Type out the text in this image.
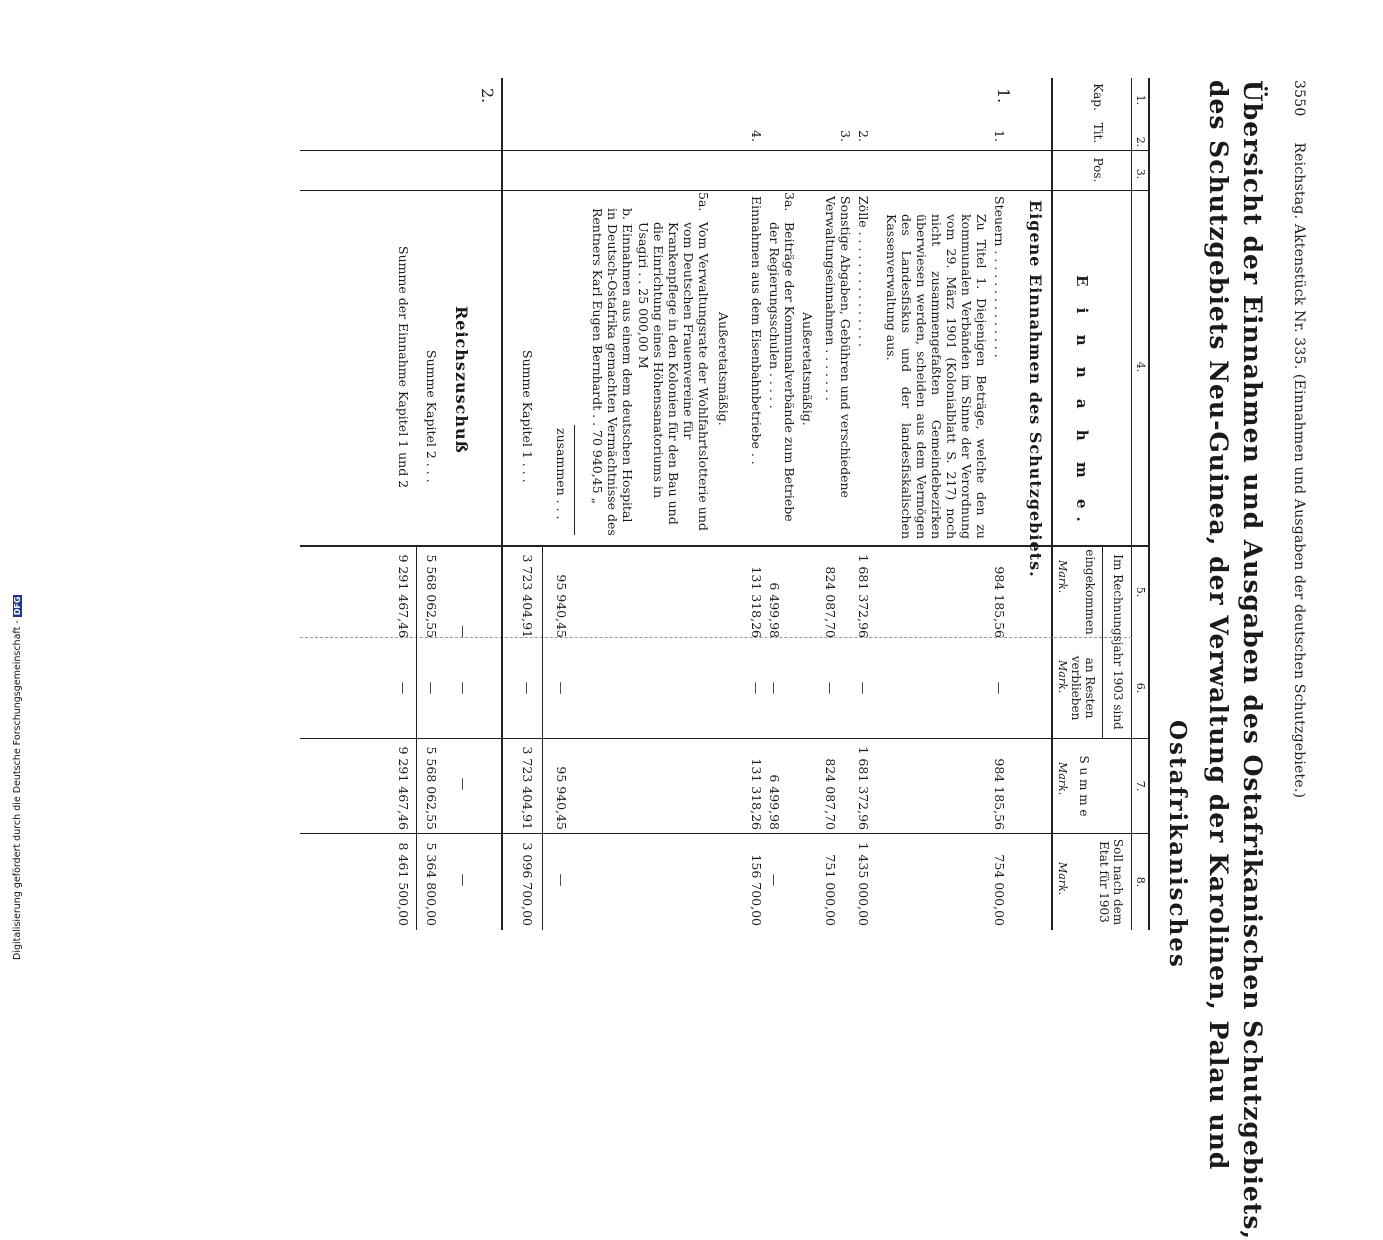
Digitalisierung gefördert durch die Deutsche Forschungsgemeinschaft -DFG
3550Reichstag. Aktenstück Nr. 335. (Einnahmen und Ausgaben der deutschen Schutzgebiete.)
Übersicht der Einnahmen und Ausgaben des Ostafrikanischen Schutzgebiets,
des Schutzgebiets Neu-Guinea, der Verwaltung der Karolinen, Palau und
Ostafrikanisches
1.
2.
3.
4.
5.
6.
7.
8.
Kap.
Tit.
Pos.
E i n n a h m e.
Im Rechnungsjahr 1903 sind
eingekommen
an Resten verblieben
S u m m e
Soll nach dem Etat für 1903
Mark.
Mark.
Mark.
Mark.
1.
Eigene Einnahmen des Schutzgebiets.
1.
Steuern . . . . . . . . . . . . . .
Zu Titel 1. Diejenigen Beträge, welche den zu kommunalen Verbänden im Sinne der Verordnung vom 29. März 1901 (Kolonialblatt S. 217) noch nicht zusammengefaßten Gemeindebezirken überwiesen werden, scheiden aus dem Vermögen des Landesfiskus und der landesfiskalischen Kassenverwaltung aus.
984 185,56
—
984 185,56
754 000,00
2.
Zölle . . . . . . . . . . . . . . .
1 681 372,96
—
1 681 372,96
1 435 000,00
3.
Sonstige Abgaben, Gebühren und verschiedene Verwaltungseinnahmen . . . . . . .
824 087,70
—
824 087,70
751 000,00
Außeretatsmäßig.
3a.
Beiträge der Kommunalverbände zum Betriebe der Regierungsschulen . . . . .
6 499,98
—
6 499,98
—
4.
Einnahmen aus dem Eisenbahnbetriebe . .
131 318,26
—
131 318,26
156 700,00
Außeretatsmäßig.
5a.
Vom Verwaltungsrate der Wohlfahrtslotterie und vom Deutschen Frauenvereine für Krankenpflege in den Kolonien für den Bau und die Einrichtung eines Höhensanatoriums in Usagiri . . 25 000,00 M
b. Einnahmen aus einem dem deutschen Hospital in Deutsch-Ostafrika gemachten Vermächtnisse des Rentners Karl Eugen Bernhardt . . 70 940,45 „
zusammen . . .
95 940,45
—
95 940,45
—
Summe Kapitel 1 . . .
3 723 404,91
—
3 723 404,91
3 096 700,00
2.
Reichszuschuß
—
—
—
—
Summe Kapitel 2 . . .
5 568 062,55
—
5 568 062,55
5 364 800,00
Summe der Einnahme Kapitel 1 und 2
9 291 467,46
—
9 291 467,46
8 461 500,00
